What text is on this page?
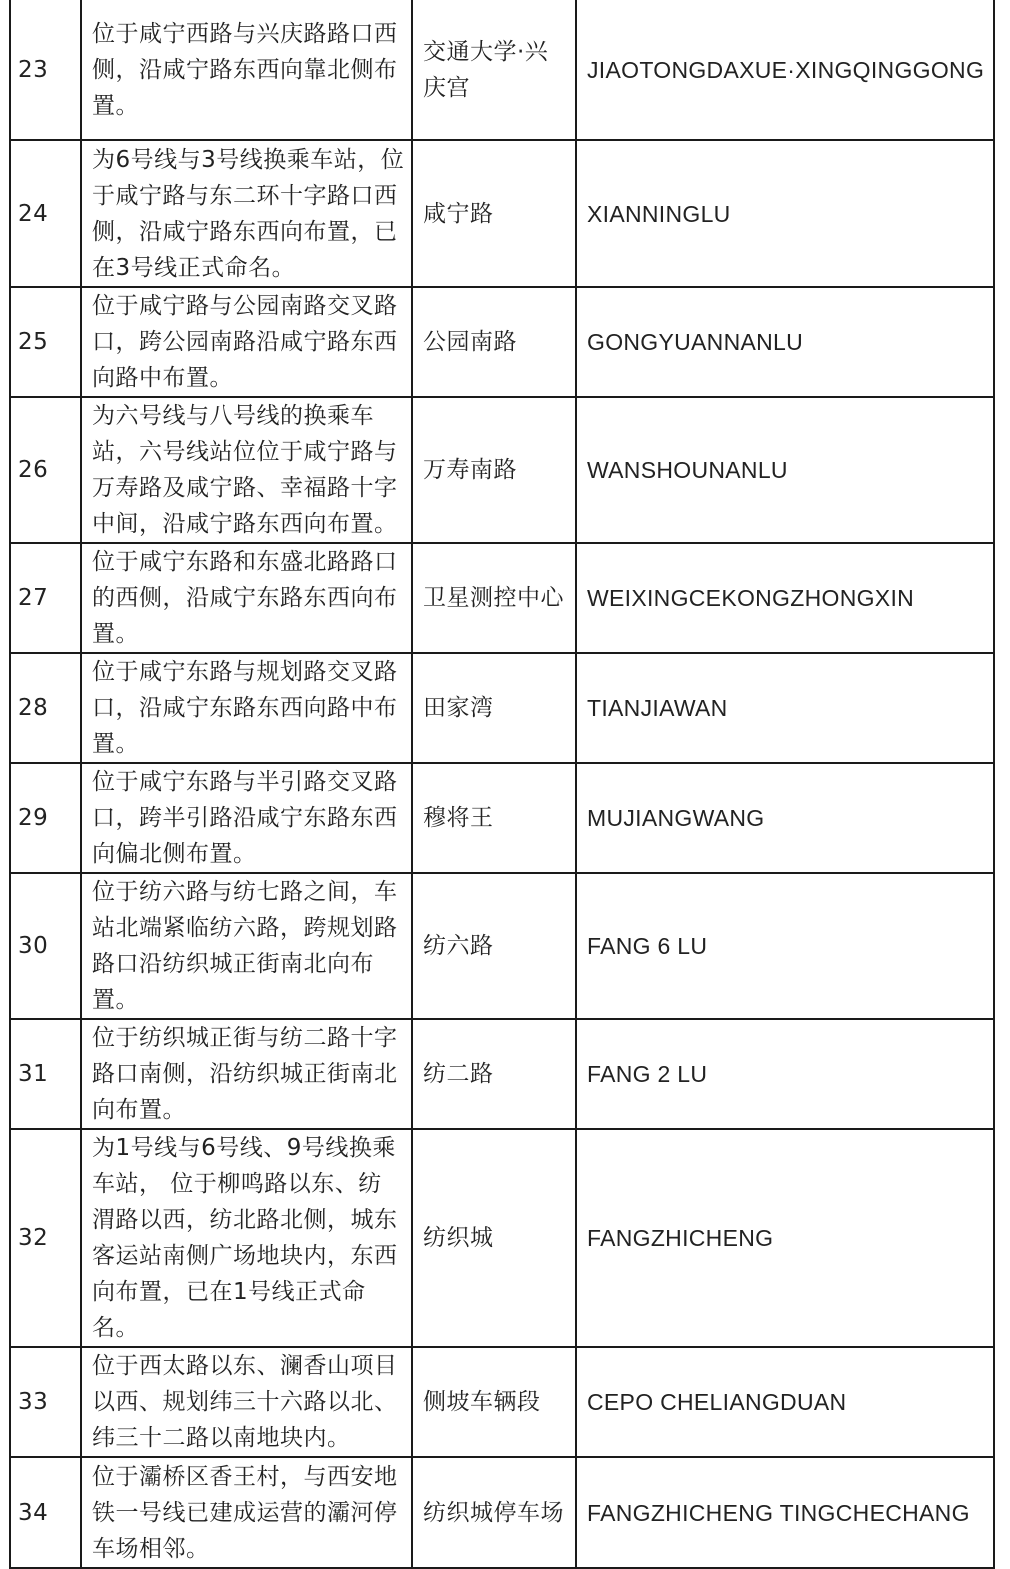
23	位于咸宁西路与兴庆路路口西侧，沿咸宁路东西向靠北侧布置。	交通大学·兴庆宫	JIAOTONGDAXUE·XINGQINGGONG
24	为6号线与3号线换乘车站，位于咸宁路与东二环十字路口西侧，沿咸宁路东西向布置，已在3号线正式命名。	咸宁路	XIANNINGLU
25	位于咸宁路与公园南路交叉路口，跨公园南路沿咸宁路东西向路中布置。	公园南路	GONGYUANNANLU
26	为六号线与八号线的换乘车站，六号线站位位于咸宁路与万寿路及咸宁路、幸福路十字中间，沿咸宁路东西向布置。	万寿南路	WANSHOUNANLU
27	位于咸宁东路和东盛北路路口的西侧，沿咸宁东路东西向布置。	卫星测控中心	WEIXINGCEKONGZHONGXIN
28	位于咸宁东路与规划路交叉路口，沿咸宁东路东西向路中布置。	田家湾	TIANJIAWAN
29	位于咸宁东路与半引路交叉路口，跨半引路沿咸宁东路东西向偏北侧布置。	穆将王	MUJIANGWANG
30	位于纺六路与纺七路之间，车站北端紧临纺六路，跨规划路路口沿纺织城正街南北向布置。	纺六路	FANG 6 LU
31	位于纺织城正街与纺二路十字路口南侧，沿纺织城正街南北向布置。	纺二路	FANG 2 LU
32	为1号线与6号线、9号线换乘车站， 位于柳鸣路以东、纺渭路以西，纺北路北侧，城东客运站南侧广场地块内，东西向布置，已在1号线正式命名。	纺织城	FANGZHICHENG
33	位于西太路以东、澜香山项目以西、规划纬三十六路以北、纬三十二路以南地块内。	侧坡车辆段	CEPO CHELIANGDUAN
34	位于灞桥区香王村，与西安地铁一号线已建成运营的灞河停车场相邻。	纺织城停车场	FANGZHICHENG TINGCHECHANG
